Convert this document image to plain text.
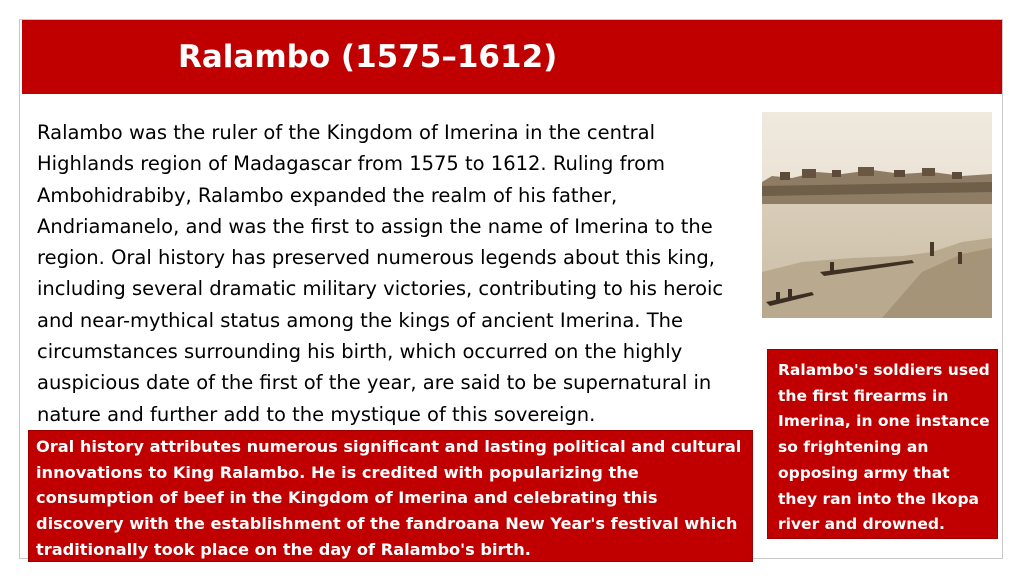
Ralambo (1575–1612)

Ralambo was the ruler of the Kingdom of Imerina in the central Highlands region of Madagascar from 1575 to 1612. Ruling from Ambohidrabiby, Ralambo expanded the realm of his father, Andriamanelo, and was the first to assign the name of Imerina to the region. Oral history has preserved numerous legends about this king, including several dramatic military victories, contributing to his heroic and near-mythical status among the kings of ancient Imerina. The circumstances surrounding his birth, which occurred on the highly auspicious date of the first of the year, are said to be supernatural in nature and further add to the mystique of this sovereign.

Ralambo's soldiers used the first firearms in Imerina, in one instance so frightening an opposing army that they ran into the Ikopa river and drowned.
Oral history attributes numerous significant and lasting political and cultural innovations to King Ralambo. He is credited with popularizing the consumption of beef in the Kingdom of Imerina and celebrating this discovery with the establishment of the fandroana New Year's festival which traditionally took place on the day of Ralambo's birth.
